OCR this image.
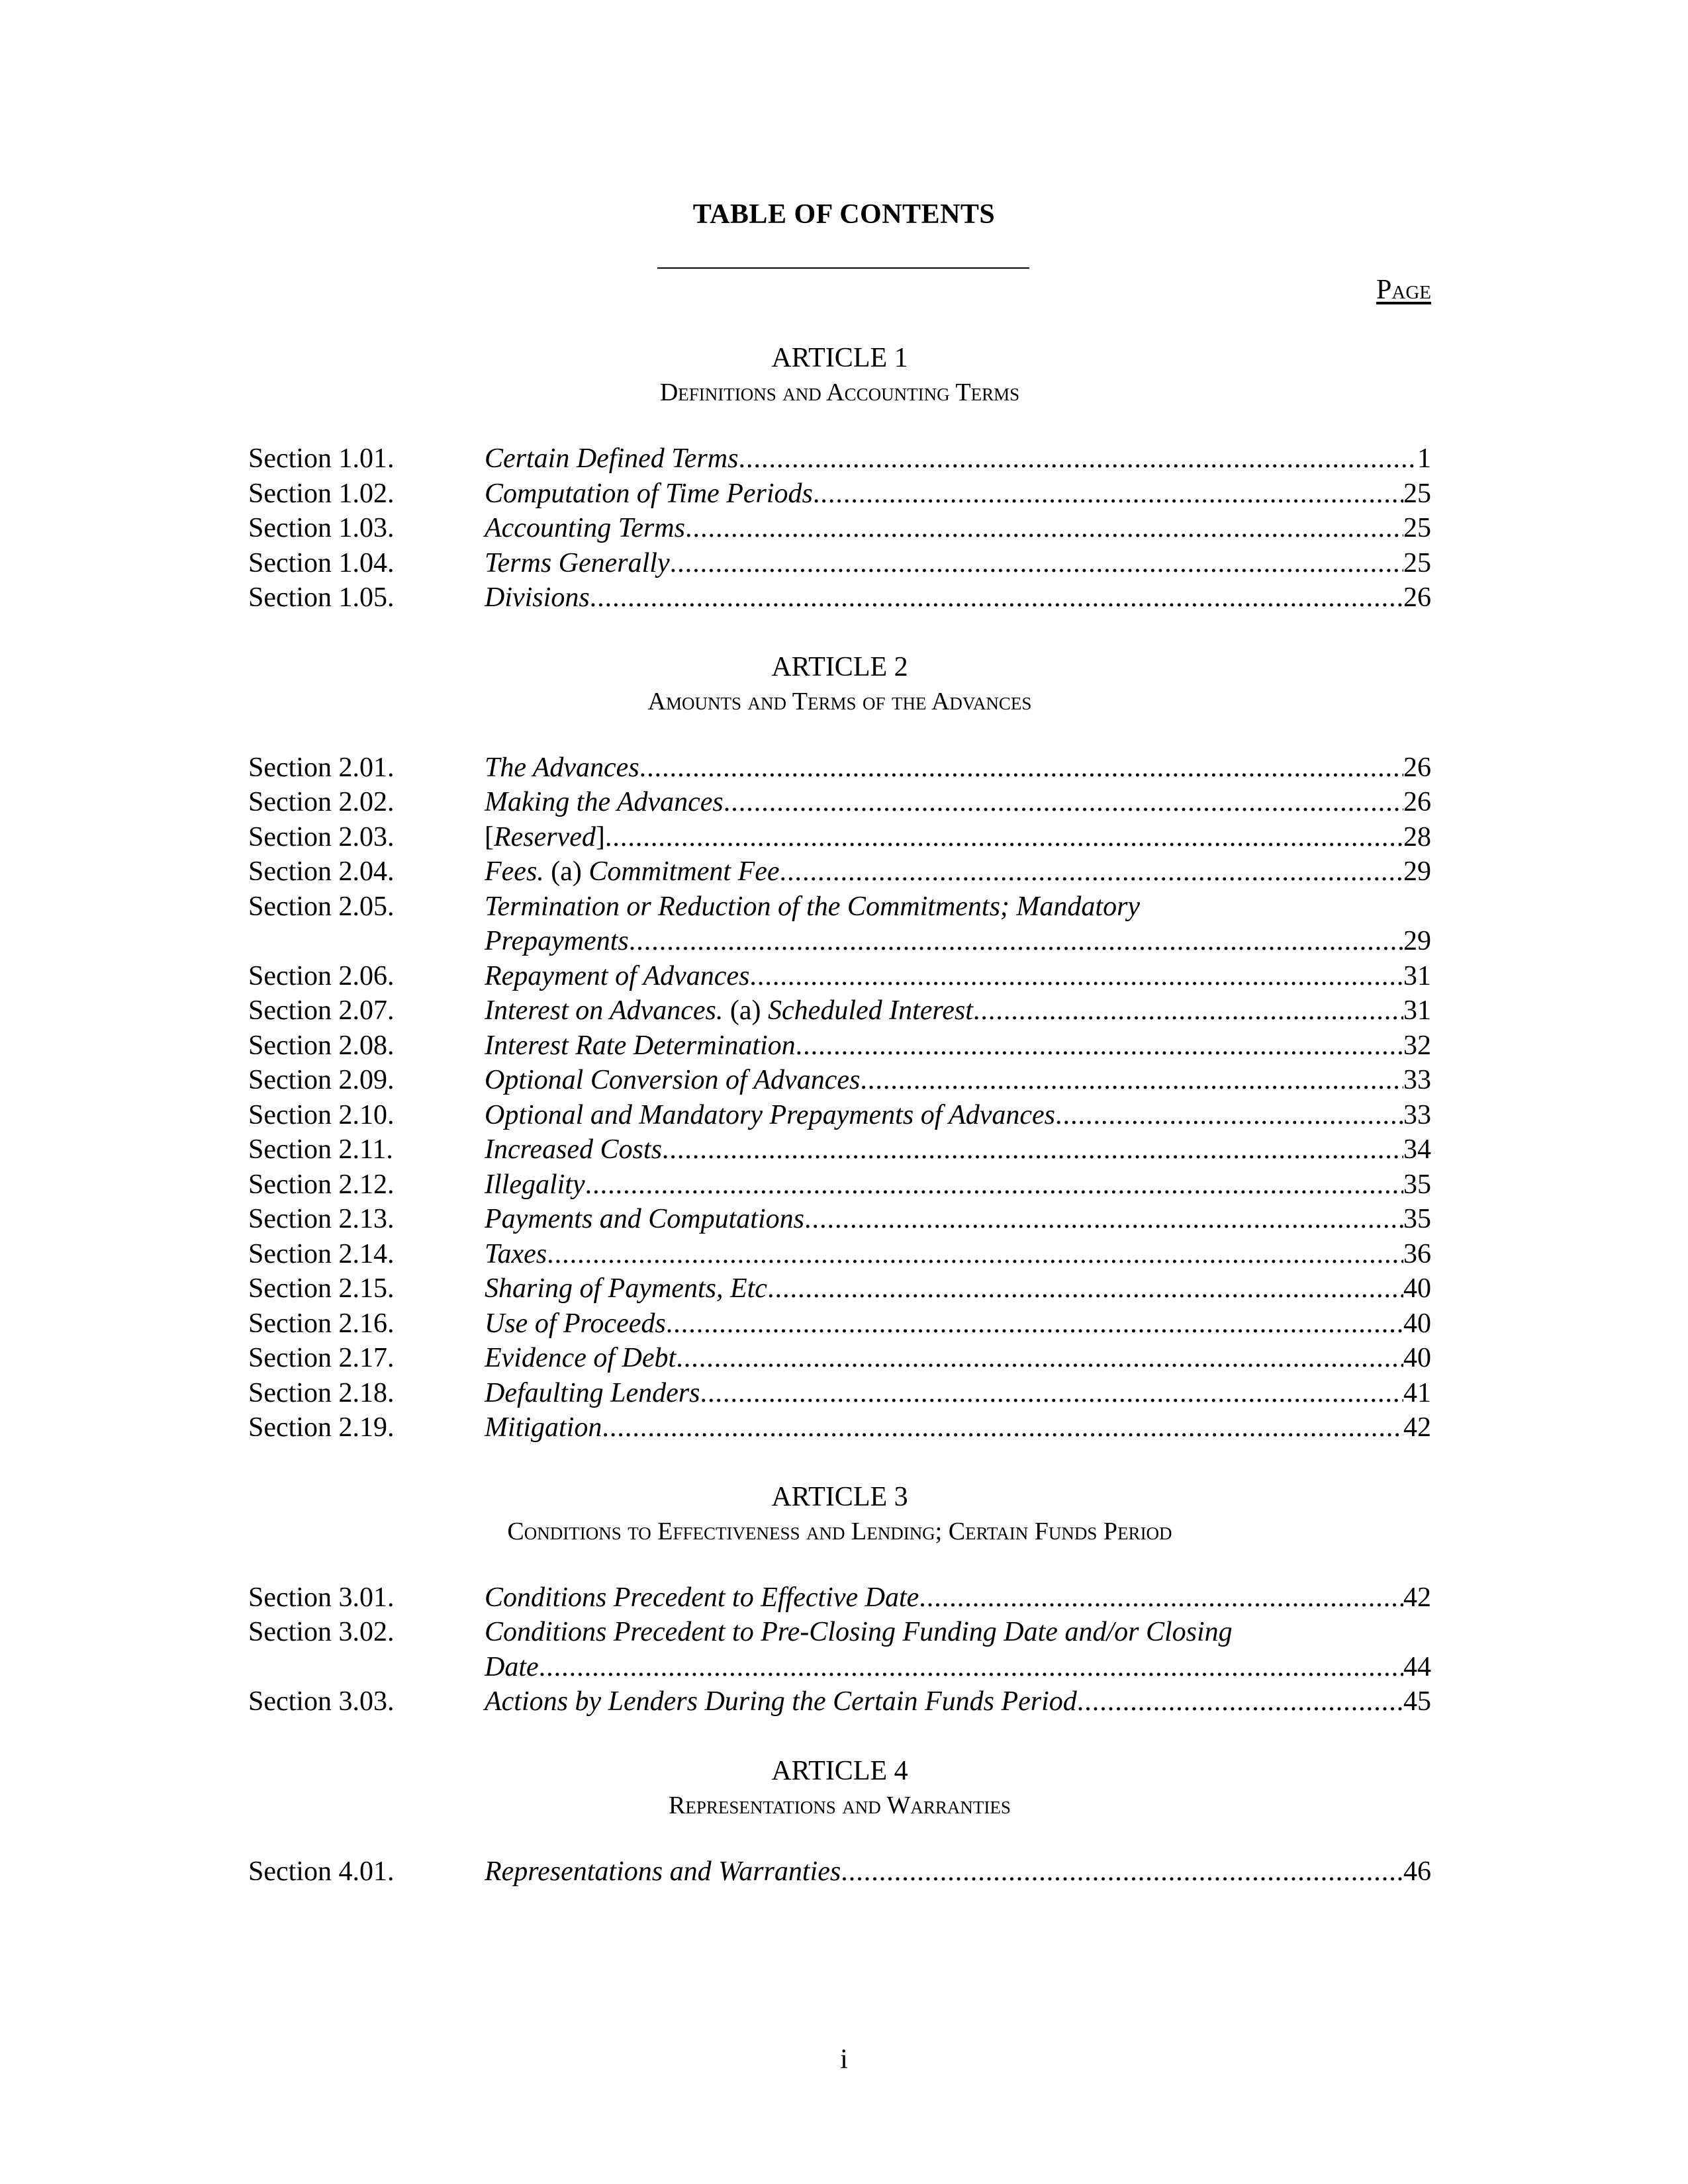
TABLE OF CONTENTS
Page
ARTICLE 1
Definitions and Accounting Terms
Section 1.01.	Certain Defined Terms .....	1
Section 1.02.	Computation of Time Periods .....	25
Section 1.03.	Accounting Terms .....	25
Section 1.04.	Terms Generally .....	25
Section 1.05.	Divisions .....	26
ARTICLE 2
Amounts and Terms of the Advances
Section 2.01.	The Advances .....	26
Section 2.02.	Making the Advances .....	26
Section 2.03.	[Reserved] .....	28
Section 2.04.	Fees. (a) Commitment Fee .....	29
Section 2.05.	Termination or Reduction of the Commitments; Mandatory
Prepayments .....	29
Section 2.06.	Repayment of Advances .....	31
Section 2.07.	Interest on Advances. (a) Scheduled Interest .....	31
Section 2.08.	Interest Rate Determination .....	32
Section 2.09.	Optional Conversion of Advances .....	33
Section 2.10.	Optional and Mandatory Prepayments of Advances .....	33
Section 2.11.	Increased Costs .....	34
Section 2.12.	Illegality .....	35
Section 2.13.	Payments and Computations .....	35
Section 2.14.	Taxes .....	36
Section 2.15.	Sharing of Payments, Etc .....	40
Section 2.16.	Use of Proceeds .....	40
Section 2.17.	Evidence of Debt .....	40
Section 2.18.	Defaulting Lenders .....	41
Section 2.19.	Mitigation .....	42
ARTICLE 3
Conditions to Effectiveness and Lending; Certain Funds Period
Section 3.01.	Conditions Precedent to Effective Date .....	42
Section 3.02.	Conditions Precedent to Pre-Closing Funding Date and/or Closing
Date .....	44
Section 3.03.	Actions by Lenders During the Certain Funds Period .....	45
ARTICLE 4
Representations and Warranties
Section 4.01.	Representations and Warranties .....	46
i
